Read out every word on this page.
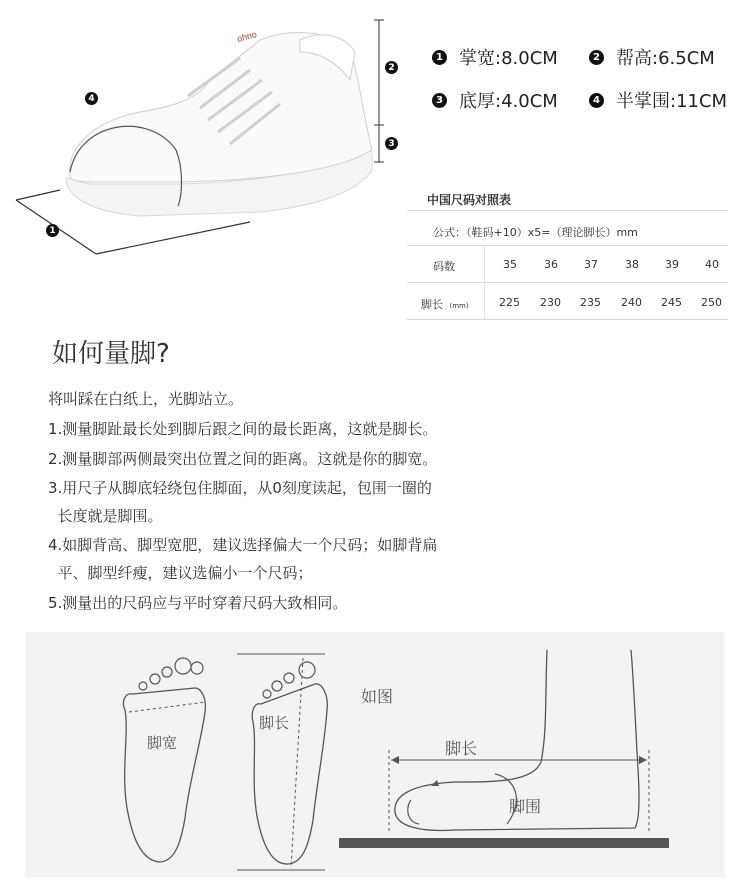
ohno
1
2
3
4
1 掌宽:8.0CM	2 帮高:6.5CM
3 底厚:4.0CM	4 半掌围:11CM
中国尺码对照表
公式：（鞋码+10）x5=（理论脚长）mm
码数	35 36 37 38 39 40
脚长 (mm)	225 230 235 240 245 250
如何量脚?
将叫踩在白纸上，光脚站立。
1.测量脚趾最长处到脚后跟之间的最长距离，这就是脚长。
2.测量脚部两侧最突出位置之间的距离。这就是你的脚宽。
3.用尺子从脚底轻绕包住脚面，从0刻度读起，包围一圈的
长度就是脚围。
4.如脚背高、脚型宽肥，建议选择偏大一个尺码；如脚背扁
平、脚型纤瘦，建议选偏小一个尺码；
5.测量出的尺码应与平时穿着尺码大致相同。
脚宽
脚长
如图
脚长
脚围
